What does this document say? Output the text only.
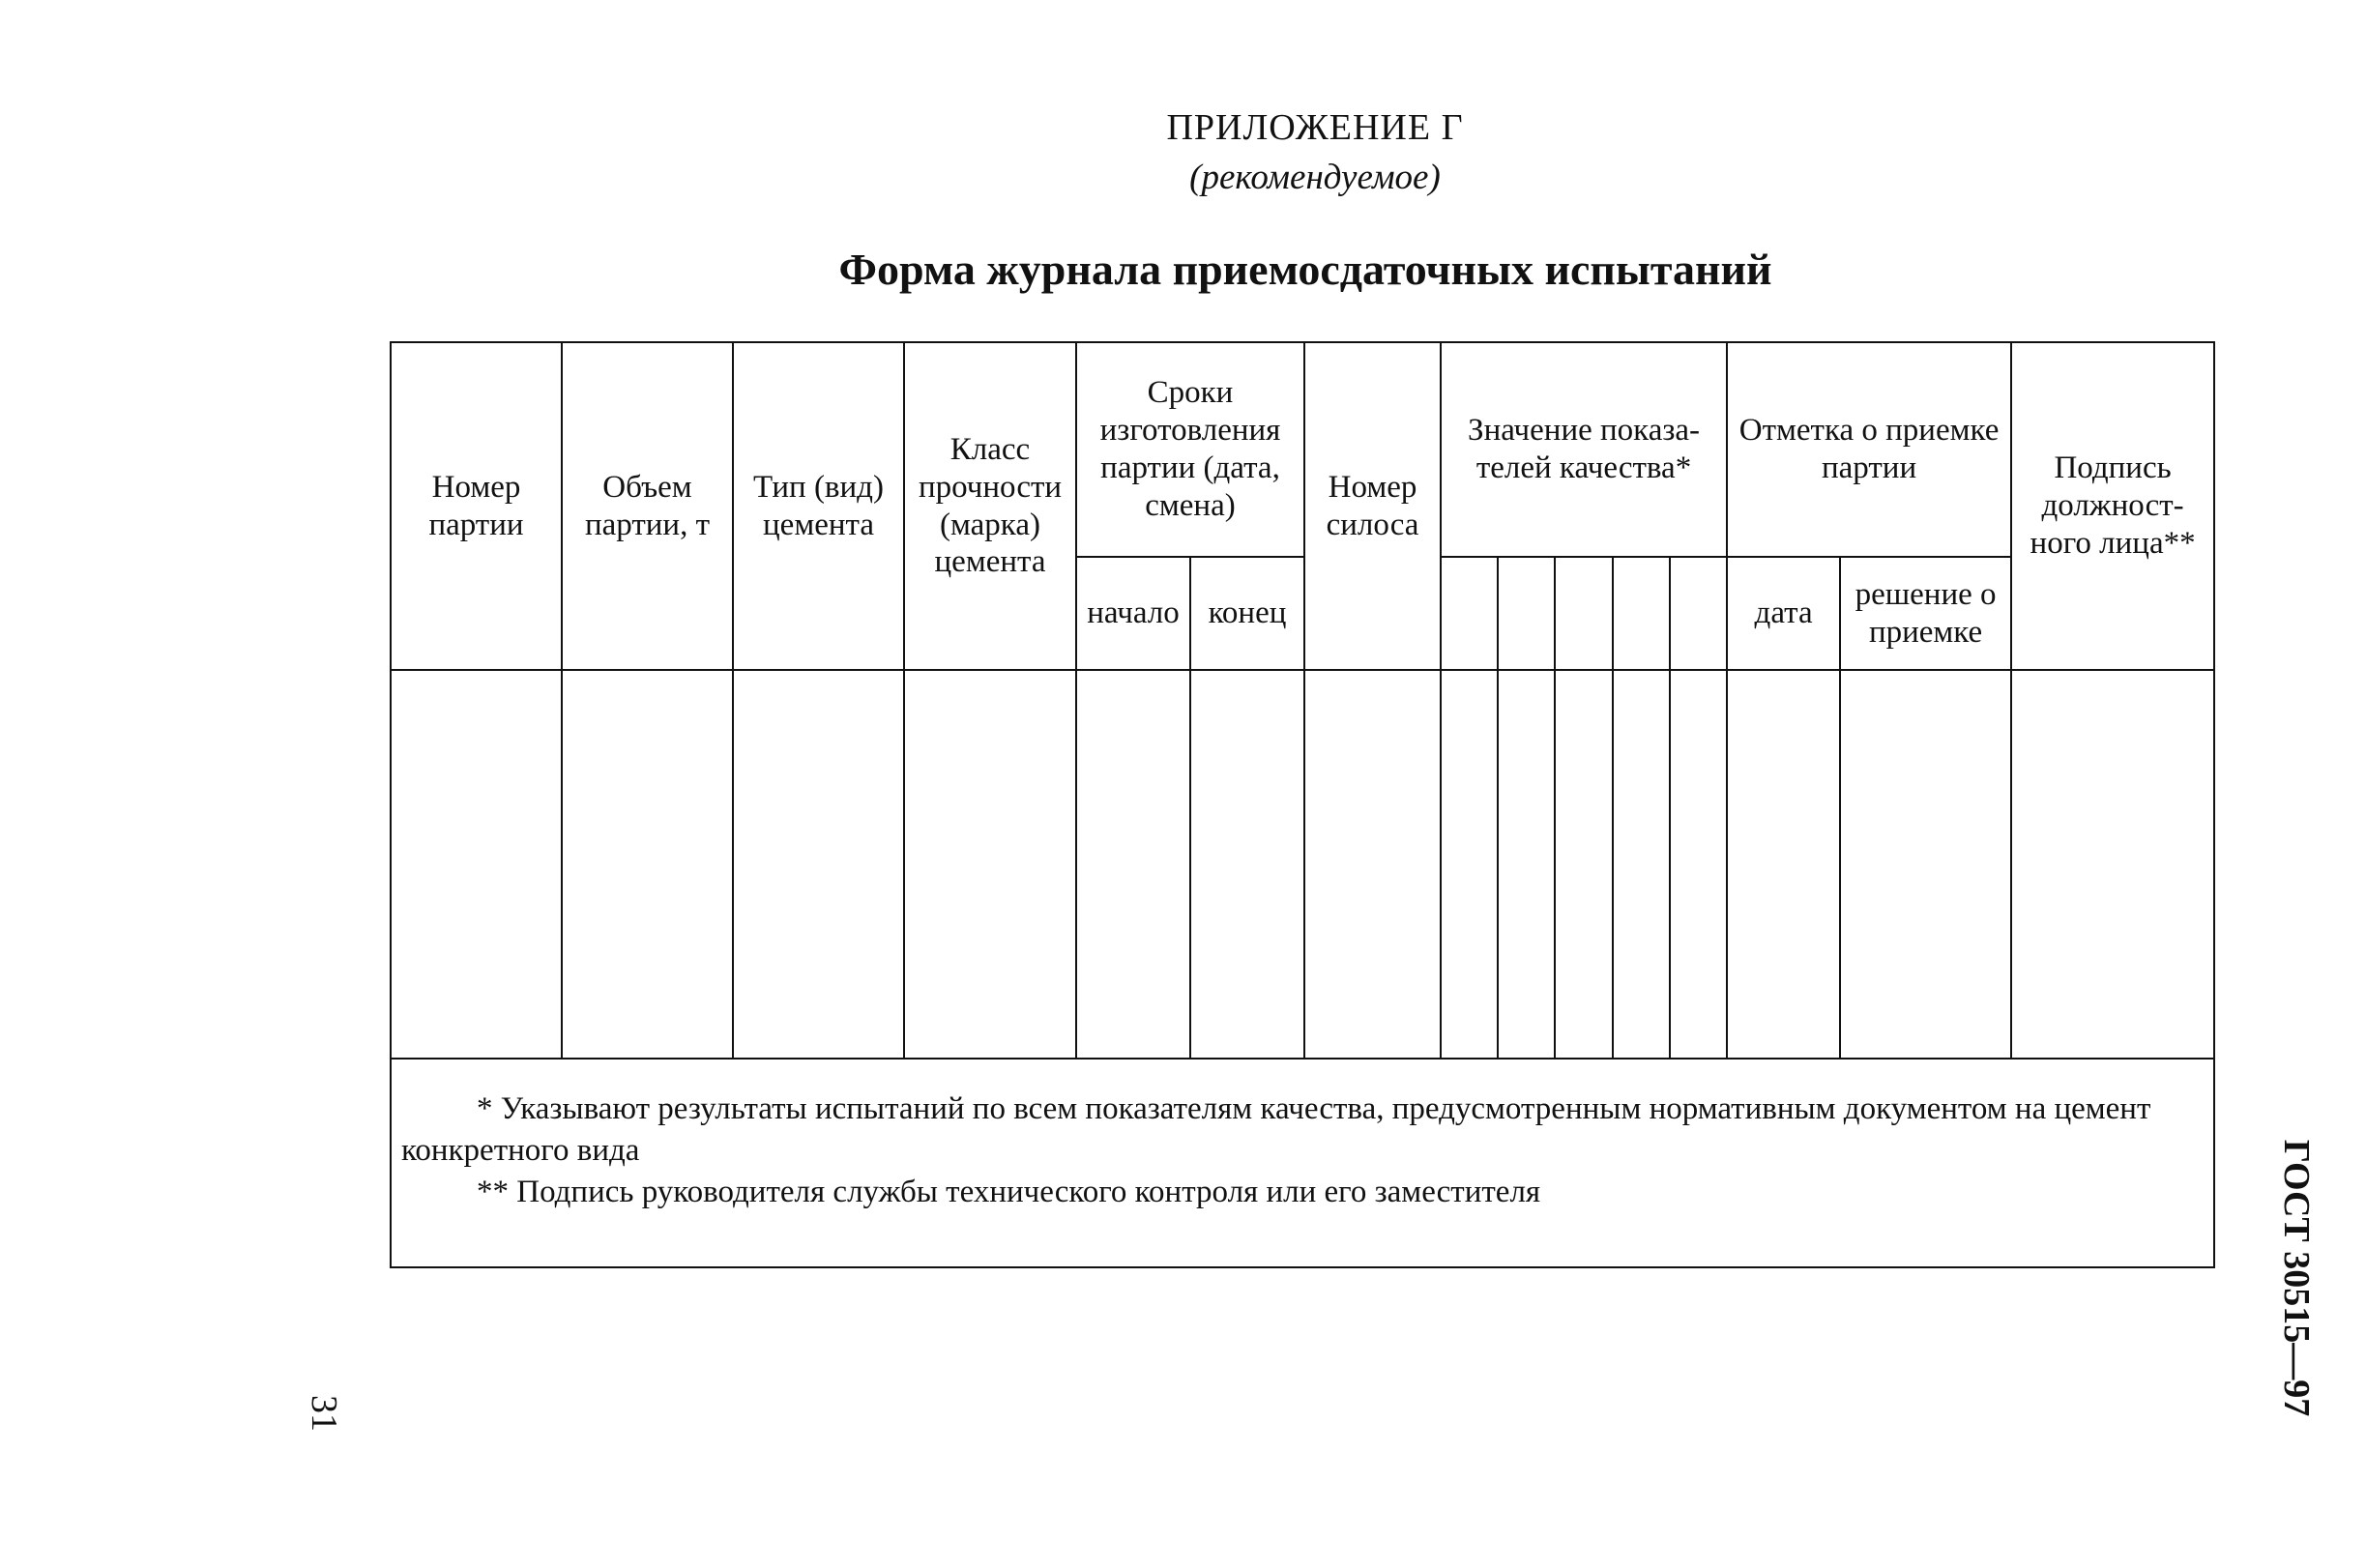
ПРИЛОЖЕНИЕ Г
(рекомендуемое)
Форма журнала приемосдаточных испытаний
Номер партии	Объем партии, т	Тип (вид) цемента	Класс прочности (марка) цемента	Сроки изготовления партии (дата, смена)		Номер силоса	Значение показа- телей качества*					Отметка о приемке партии		Подпись должност- ного лица**
				начало	конец							дата	решение о приемке	

* Указывают результаты испытаний по всем показателям качества, предусмотренным нормативным документом на цемент конкретного вида
** Подпись руководителя службы технического контроля или его заместителя															ГОСТ 30515—97
31
